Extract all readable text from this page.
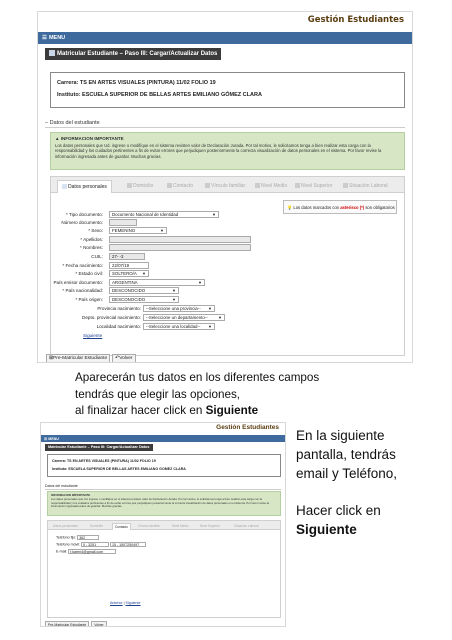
Gestión Estudiantes
☰ MENU
Matricular Estudiante – Paso III: Cargar/Actualizar Datos
Carrera: TS EN ARTES VISUALES (PINTURA) 11/02 FOLIO 19
Instituto: ESCUELA SUPERIOR DE BELLAS ARTES EMILIANO GÓMEZ CLARA
– Datos del estudiante
▲ INFORMACION IMPORTANTE
Los datos personales que Ud. ingrese o modifique en el sistema revisten valor de Declaración Jurada. Por tal motivo, le solicitamos tenga a bien realizar esta carga con la responsabilidad y los cuidados pertinentes a fin de evitar errores que perjudiquen posteriormente la correcta visualización de datos personales en el sistema. Por favor revise la información ingresada antes de guardar. Muchas gracias.
Datos personales	Domicilio	Contacto	Vínculo familiar	Nivel Medio	Nivel Superior	Situación Laboral
💡 Los datos marcados con asterisco (*) son obligatorios
* Tipo documento:	Documento Nacional de Identidad	▼
Número documento:
* Sexo:	FEMENINO	▼
* Apellidos:
* Nombres:
CUIL:	27- -3
* Fecha nacimiento:	22/07/19
* Estado civil:	SOLTERO/A ▼
País emisor documento:	ARGENTINA	▼
* País nacionalidad:	DESCONOCIDO	▼
* País origen:	DESCONOCIDO	▼
Provincia nacimiento:	--Seleccione una provincia-- ▼
Depto. provincial nacimiento:	--Seleccione un departamento--	▼
Localidad nacimiento:	--Seleccione una localidad-- ▼
Siguiente
⊠Pre-Matricular Estudiante ↶Volver
Aparecerán tus datos en los diferentes campos
tendrás que elegir las opciones,
al finalizar hacer click en Siguiente
Gestión Estudiantes
☰ MENU
Matricular Estudiante – Paso III: Cargar/Actualizar Datos
Carrera: TS EN ARTES VISUALES (PINTURA) 11/02 FOLIO 19
Instituto: ESCUELA SUPERIOR DE BELLAS ARTES EMILIANO GOMEZ CLARA
Datos del estudiante
INFORMACION IMPORTANTE
Los datos personales que Ud. ingrese o modifique en el sistema revisten valor de Declaración Jurada. Por tal motivo, le solicitamos tenga a bien realizar esta carga con la responsabilidad y los cuidados pertinentes a fin de evitar errores que perjudiquen posteriormente la correcta visualización de datos personales en el sistema. Por favor revise la información ingresada antes de guardar. Muchas gracias.
Datos personales	Domicilio	Contacto	Vínculo familiar	Nivel Medio	Nivel Superior	Situación Laboral
Teléfono fijo: 362
Teléfono móvil: 0 - 3251	15 - 1507250497
E-mail: f.karen4@gmail.com
Anterior | Siguiente
Pre-Matricular Estudiante Volver
En la siguiente
pantalla, tendrás
email y Teléfono,
Hacer click en
Siguiente
